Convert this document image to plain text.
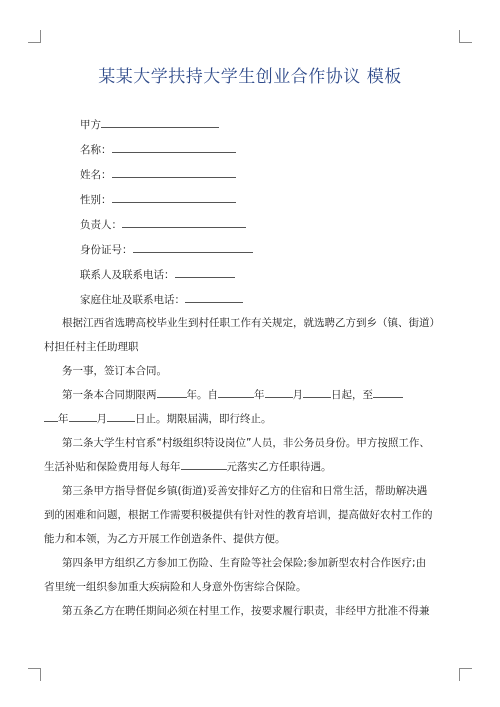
某某大学扶持大学生创业合作协议 模板
甲方
名称：
姓名：
性别：
负责人：
身份证号：
联系人及联系电话：
家庭住址及联系电话：

根据江西省选聘高校毕业生到村任职工作有关规定，就选聘乙方到乡（镇、街道）

村担任村主任助理职

务一事，签订本合同。

第一条本合同期限两	年。自	年	月	日起，至

年	月	日止。期限届满，即行终止。

第二条大学生村官系“村级组织特设岗位”人员，非公务员身份。甲方按照工作、

生活补贴和保险费用每人每年	元落实乙方任职待遇。

第三条甲方指导督促乡镇(街道)妥善安排好乙方的住宿和日常生活，帮助解决遇

到的困难和问题，根据工作需要积极提供有针对性的教育培训，提高做好农村工作的

能力和本领，为乙方开展工作创造条件、提供方便。

第四条甲方组织乙方参加工伤险、生育险等社会保险;参加新型农村合作医疗;由

省里统一组织参加重大疾病险和人身意外伤害综合保险。

第五条乙方在聘任期间必须在村里工作，按要求履行职责，非经甲方批准不得兼
